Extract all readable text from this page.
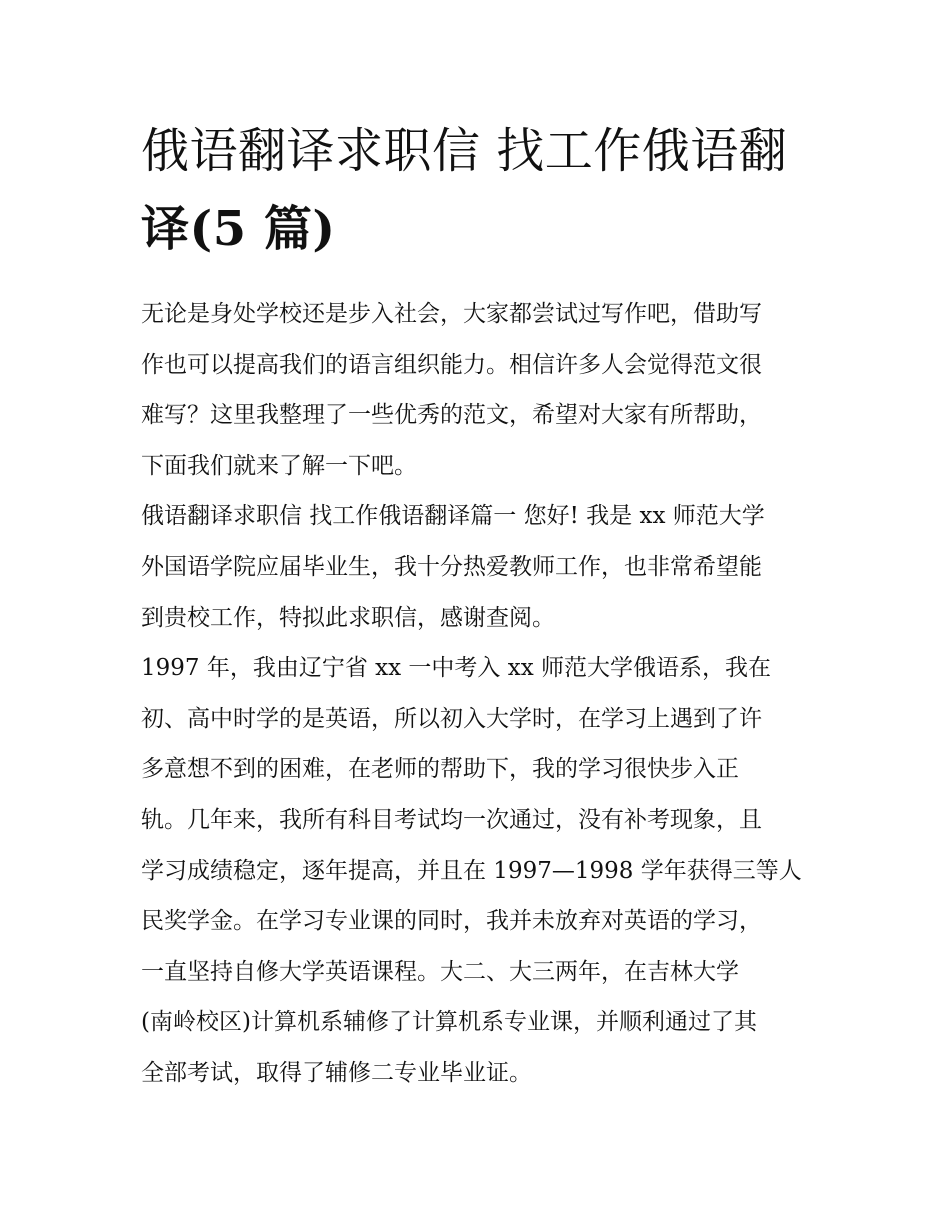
俄语翻译求职信 找工作俄语翻
译(5 篇)

无论是身处学校还是步入社会，大家都尝试过写作吧，借助写
作也可以提高我们的语言组织能力。相信许多人会觉得范文很
难写？这里我整理了一些优秀的范文，希望对大家有所帮助，
下面我们就来了解一下吧。

俄语翻译求职信 找工作俄语翻译篇一 您好! 我是 xx 师范大学
外国语学院应届毕业生，我十分热爱教师工作，也非常希望能
到贵校工作，特拟此求职信，感谢查阅。

1997 年，我由辽宁省 xx 一中考入 xx 师范大学俄语系，我在
初、高中时学的是英语，所以初入大学时，在学习上遇到了许
多意想不到的困难，在老师的帮助下，我的学习很快步入正
轨。几年来，我所有科目考试均一次通过，没有补考现象，且
学习成绩稳定，逐年提高，并且在 1997—1998 学年获得三等人
民奖学金。在学习专业课的同时，我并未放弃对英语的学习，
一直坚持自修大学英语课程。大二、大三两年，在吉林大学
(南岭校区)计算机系辅修了计算机系专业课，并顺利通过了其
全部考试，取得了辅修二专业毕业证。
